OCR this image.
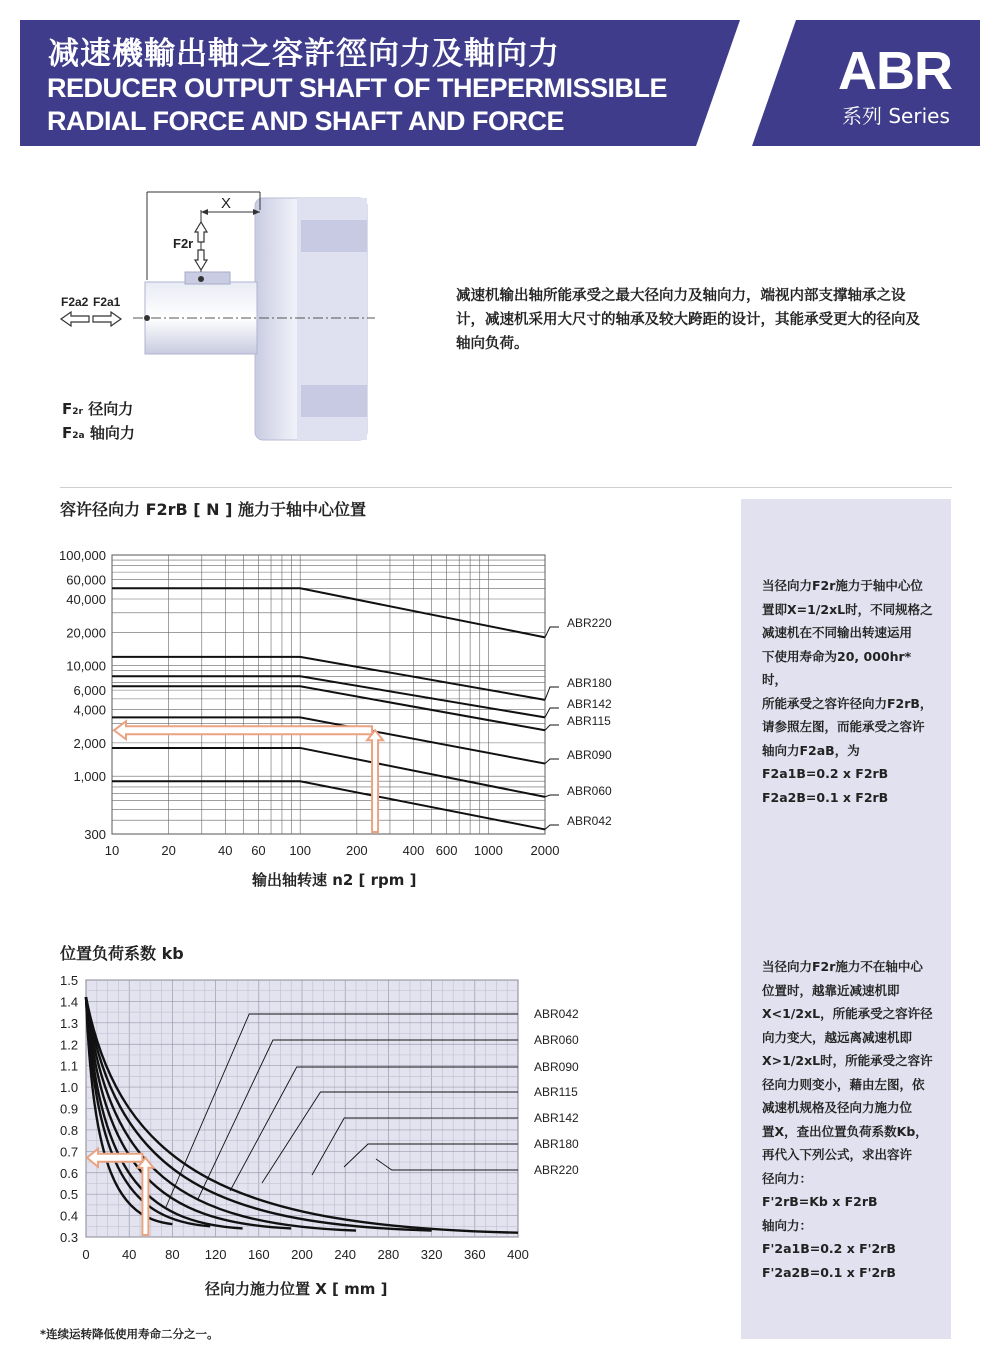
减速機輸出軸之容許徑向力及軸向力
REDUCER OUTPUT SHAFT OF THEPERMISSIBLE
RADIAL FORCE AND SHAFT AND FORCE
ABR
系列 Series
X
F2r
F2a2 F2a1
F2r 径向力
F2a 轴向力
减速机输出轴所能承受之最大径向力及轴向力，端视内部支撑轴承之设计，减速机采用大尺寸的轴承及较大跨距的设计，其能承受更大的径向及轴向负荷。
当径向力F2r施力于轴中心位
置即X=1/2xL时，不同规格之
减速机在不同输出转速运用
下使用寿命为20, 000hr* 时，
所能承受之容许径向力F2rB，
请参照左图，而能承受之容许
轴向力F2aB，为
F2a1B=0.2 x F2rB
F2a2B=0.1 x F2rB
当径向力F2r施力不在轴中心
位置时，越靠近减速机即
X<1/2xL，所能承受之容许径
向力变大，越远离减速机即
X>1/2xL时，所能承受之容许
径向力则变小，藉由左图，依
减速机规格及径向力施力位
置X，查出位置负荷系数Kb，
再代入下列公式，求出容许
径向力：
F'2rB=Kb x F2rB
轴向力：
F'2a1B=0.2 x F'2rB
F'2a2B=0.1 x F'2rB
容许径向力 F2rB [ N ] 施力于轴中心位置
10	20	40 60 100	200	400 600 1000 2000
300
1,000
2,000
4,000
6,000
10,000
20,000
40,000
60,000
100,000
ABR220
ABR180
ABR142
ABR115
ABR090
ABR060
ABR042
输出轴转速 n2 [ rpm ]
位置负荷系数 kb
0 40 80 120 160 200 240 280 320 360 400
0.3
0.4
0.5
0.6
0.7
0.8
0.9
1.0
1.1
1.2
1.3
1.4
1.5
ABR042
ABR060
ABR090
ABR115
ABR142
ABR180
ABR220
径向力施力位置 X [ mm ]
*连续运转降低使用寿命二分之一。
